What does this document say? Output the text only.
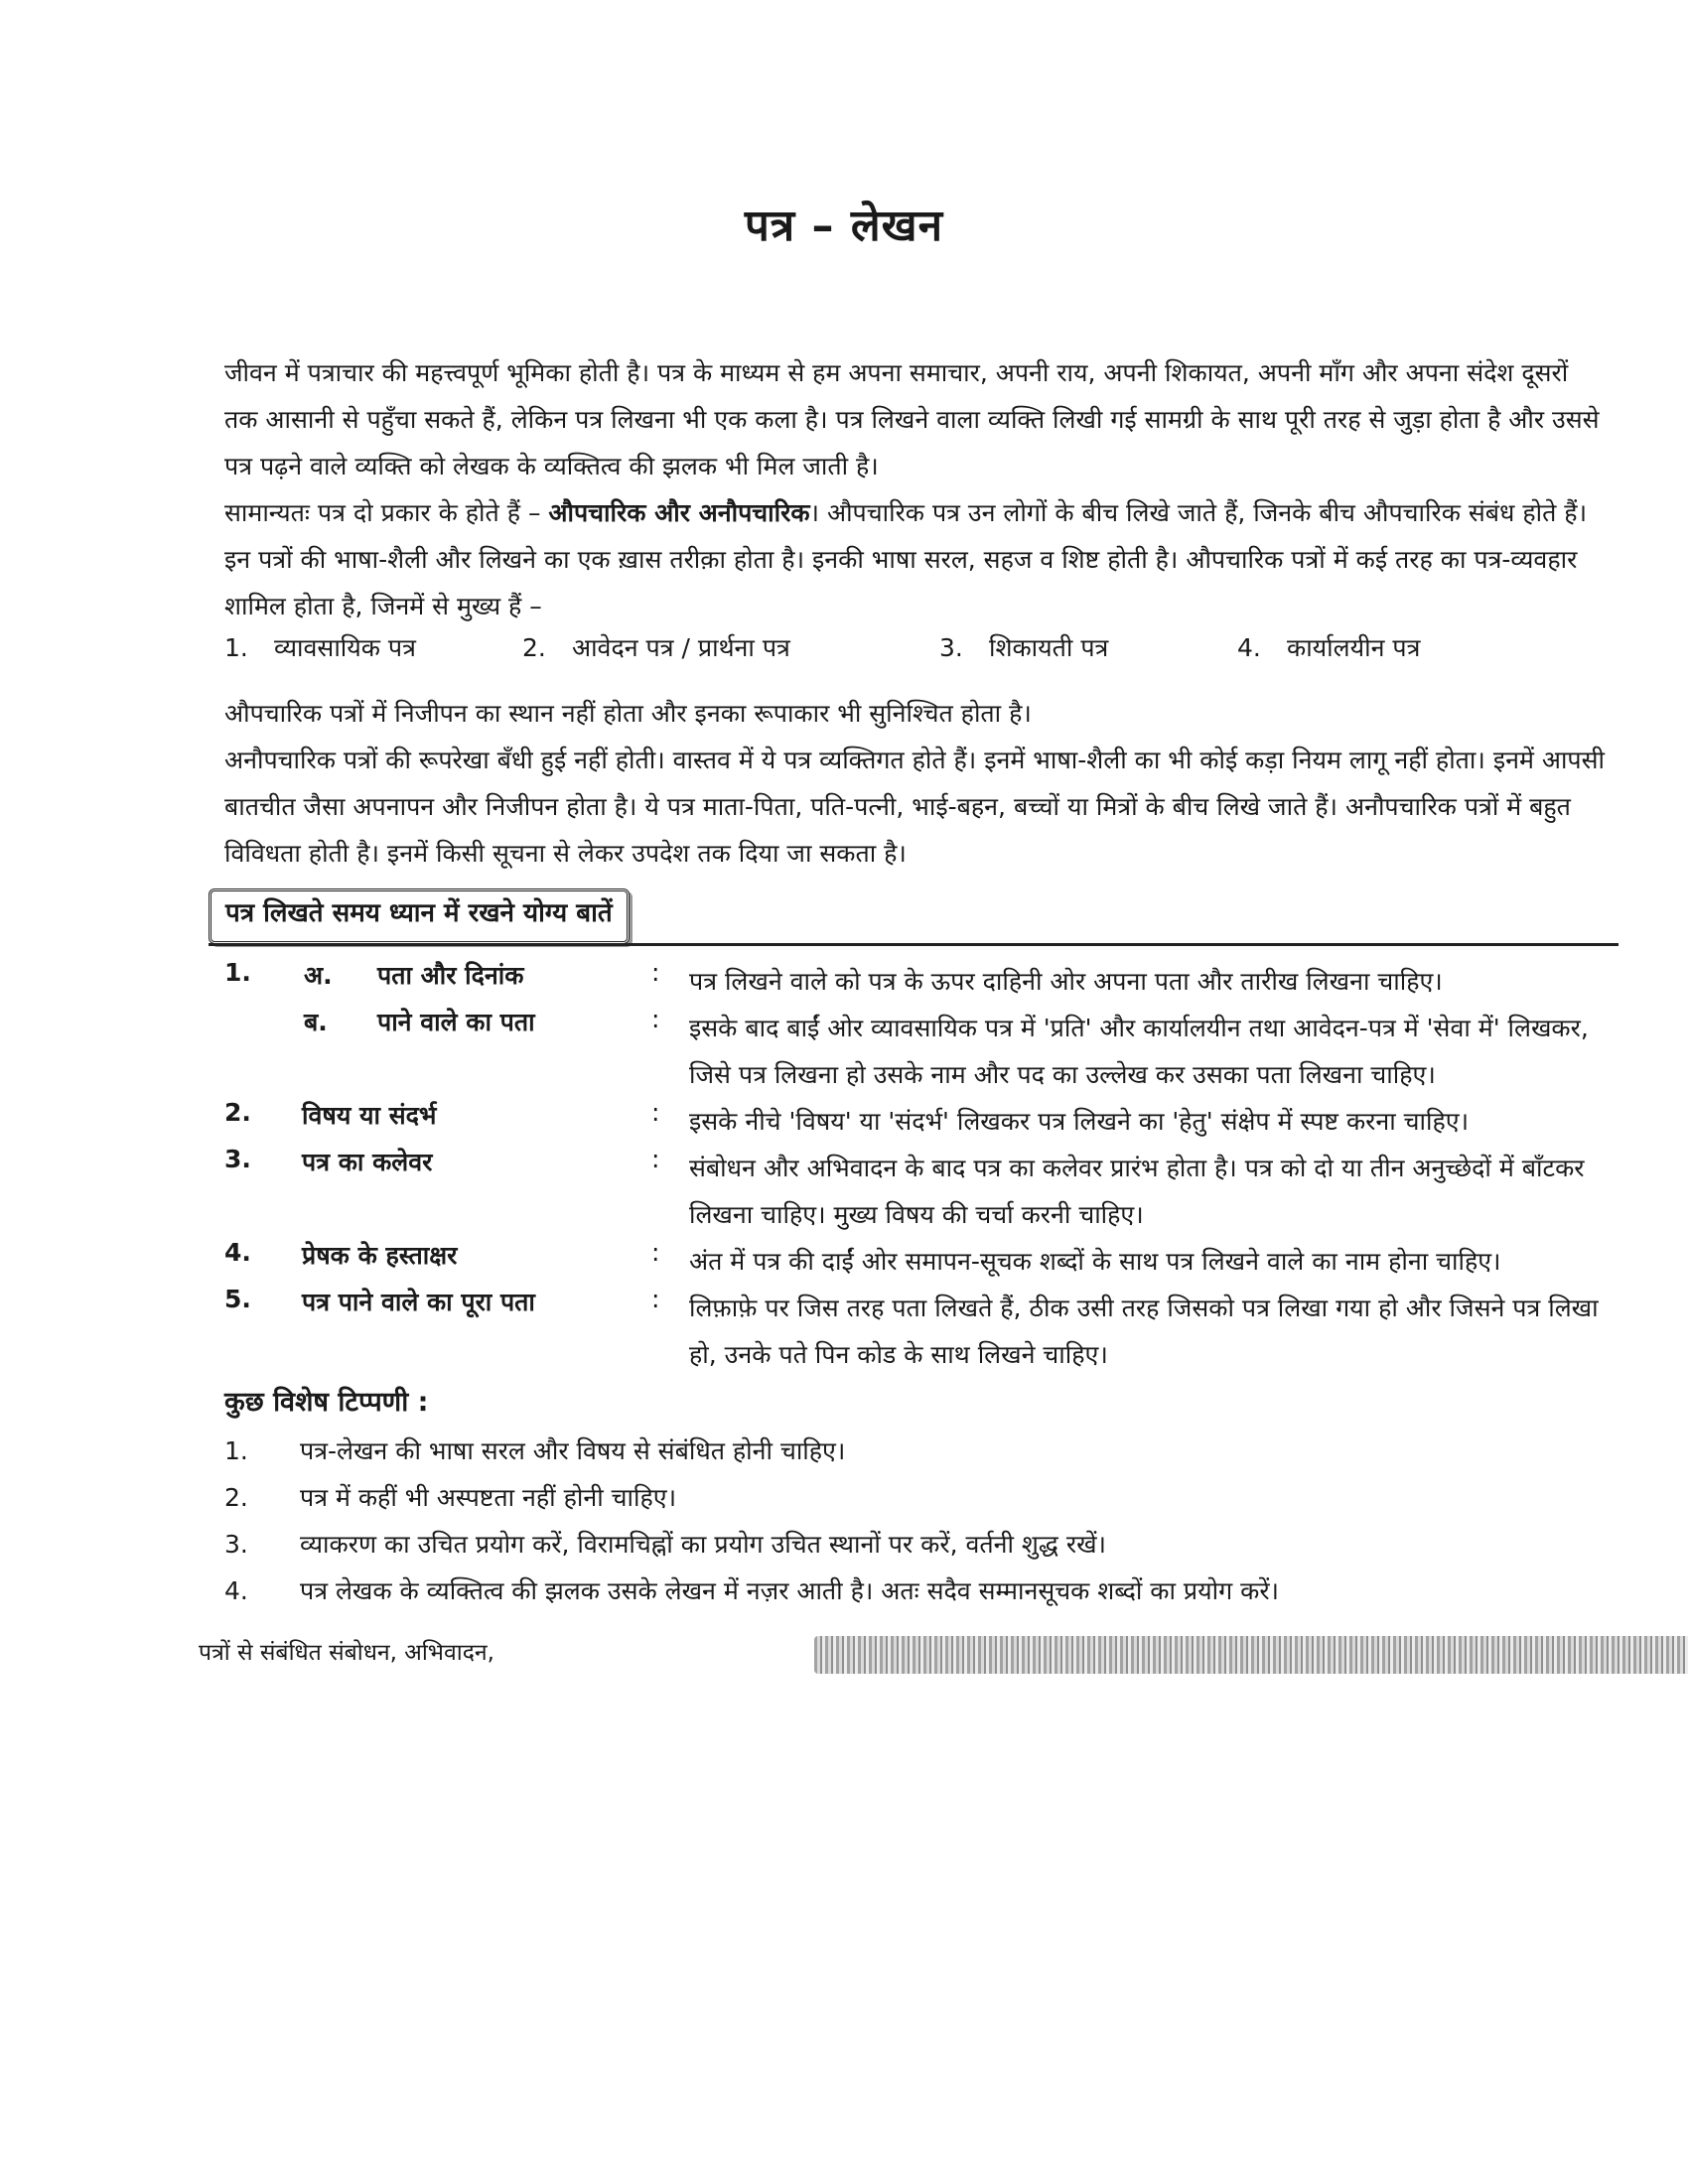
पत्र – लेखन
जीवन में पत्राचार की महत्त्वपूर्ण भूमिका होती है। पत्र के माध्यम से हम अपना समाचार, अपनी राय, अपनी शिकायत, अपनी माँग और अपना संदेश दूसरों तक आसानी से पहुँचा सकते हैं, लेकिन पत्र लिखना भी एक कला है। पत्र लिखने वाला व्यक्ति लिखी गई सामग्री के साथ पूरी तरह से जुड़ा होता है और उससे पत्र पढ़ने वाले व्यक्ति को लेखक के व्यक्तित्व की झलक भी मिल जाती है।
सामान्यतः पत्र दो प्रकार के होते हैं – औपचारिक और अनौपचारिक। औपचारिक पत्र उन लोगों के बीच लिखे जाते हैं, जिनके बीच औपचारिक संबंध होते हैं। इन पत्रों की भाषा-शैली और लिखने का एक ख़ास तरीक़ा होता है। इनकी भाषा सरल, सहज व शिष्ट होती है। औपचारिक पत्रों में कई तरह का पत्र-व्यवहार शामिल होता है, जिनमें से मुख्य हैं –
1. व्यावसायिक पत्र	2. आवेदन पत्र / प्रार्थना पत्र	3. शिकायती पत्र	4. कार्यालयीन पत्र
औपचारिक पत्रों में निजीपन का स्थान नहीं होता और इनका रूपाकार भी सुनिश्चित होता है।
अनौपचारिक पत्रों की रूपरेखा बँधी हुई नहीं होती। वास्तव में ये पत्र व्यक्तिगत होते हैं। इनमें भाषा-शैली का भी कोई कड़ा नियम लागू नहीं होता। इनमें आपसी बातचीत जैसा अपनापन और निजीपन होता है। ये पत्र माता-पिता, पति-पत्नी, भाई-बहन, बच्चों या मित्रों के बीच लिखे जाते हैं। अनौपचारिक पत्रों में बहुत विविधता होती है। इनमें किसी सूचना से लेकर उपदेश तक दिया जा सकता है।
पत्र लिखते समय ध्यान में रखने योग्य बातें
1. अ. पता और दिनांक	: पत्र लिखने वाले को पत्र के ऊपर दाहिनी ओर अपना पता और तारीख लिखना चाहिए।
ब. पाने वाले का पता	: इसके बाद बाईं ओर व्यावसायिक पत्र में 'प्रति' और कार्यालयीन तथा आवेदन-पत्र में 'सेवा में' लिखकर, जिसे पत्र लिखना हो उसके नाम और पद का उल्लेख कर उसका पता लिखना चाहिए।
2. विषय या संदर्भ	: इसके नीचे 'विषय' या 'संदर्भ' लिखकर पत्र लिखने का 'हेतु' संक्षेप में स्पष्ट करना चाहिए।
3. पत्र का कलेवर	: संबोधन और अभिवादन के बाद पत्र का कलेवर प्रारंभ होता है। पत्र को दो या तीन अनुच्छेदों में बाँटकर लिखना चाहिए। मुख्य विषय की चर्चा करनी चाहिए।
4. प्रेषक के हस्ताक्षर	: अंत में पत्र की दाईं ओर समापन-सूचक शब्दों के साथ पत्र लिखने वाले का नाम होना चाहिए।
5. पत्र पाने वाले का पूरा पता	: लिफ़ाफ़े पर जिस तरह पता लिखते हैं, ठीक उसी तरह जिसको पत्र लिखा गया हो और जिसने पत्र लिखा हो, उनके पते पिन कोड के साथ लिखने चाहिए।
कुछ विशेष टिप्पणी :
1. पत्र-लेखन की भाषा सरल और विषय से संबंधित होनी चाहिए।
2. पत्र में कहीं भी अस्पष्टता नहीं होनी चाहिए।
3. व्याकरण का उचित प्रयोग करें, विरामचिह्नों का प्रयोग उचित स्थानों पर करें, वर्तनी शुद्ध रखें।
4. पत्र लेखक के व्यक्तित्व की झलक उसके लेखन में नज़र आती है। अतः सदैव सम्मानसूचक शब्दों का प्रयोग करें।
पत्रों से संबंधित संबोधन, अभिवादन,
